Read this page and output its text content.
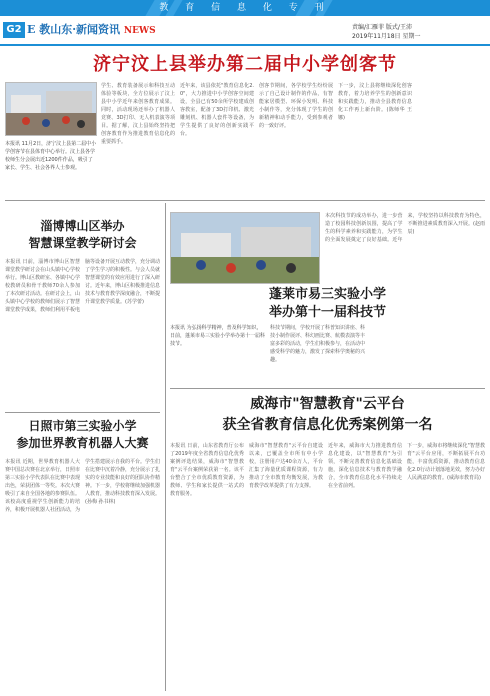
教 育 信 息 化 专 刊
G2 E 教山东·新闻资讯 NEWS	责编/汇雁菲 版式/王沛
2019年11月18日 星期一
济宁汶上县举办第二届中小学创客节
本报讯 11月2日，济宁汶上县第二届中小学创客节在县体育中心举行。汶上县各学校师生分会展出近1200件作品，吸引了家长、学生、社会各界人士参观。
学生、教育装备展示和科技互动体验等板块，全方位展示了汶上县中小学近年来创客教育成果。同时，活动现场还举办了机器人竞赛、3D打印、无人机表演等项目。据了解，汶上县始终坚持把创客教育作为推进教育信息化的重要抓手。
近年来，该县依托"教育信息化2.0"，大力推进中小学创客空间建设，全县已有50余所学校建成创客教室，配备了3D打印机、激光雕刻机、机器人套件等设备，为学生提供了良好的创新实践平台。
创客节期间，各学校学生纷纷展示了自己设计制作的作品，有智能家居模型、环保小发明、科技小制作等，充分体现了学生的创新精神和动手能力，受到参观者的一致好评。
下一步，汶上县将继续深化创客教育，着力培养学生的创新意识和实践能力，推动全县教育信息化工作再上新台阶。(陈师华 王娜)
淄博博山区举办
智慧课堂教学研讨会
本报讯 日前，淄博市博山区智慧课堂教学研讨会在山头镇中心学校举行。博山区教研室、各镇中心学校教研员和骨干教师70余人参加了本次研讨活动。在研讨会上，山头镇中心学校的教师们展示了智慧课堂教学成果，教师们利用平板电脑等设备开展互动教学，充分调动了学生学习的积极性。与会人员就智慧课堂的有效应用进行了深入研讨。近年来，博山区积极推进信息技术与教育教学深度融合，不断提升课堂教学质量。(苏学蕾)
日照市第三实验小学
参加世界教育机器人大赛
本报讯 近期，世界教育机器人大赛中国总决赛在北京举行，日照市第三实验小学代表队在比赛中表现出色，荣获团体一等奖。本次大赛吸引了来自全国各地的参赛队伍。该校高度重视学生创新能力的培养，积极开展机器人社团活动，为学生搭建展示自我的平台。学生们在比赛中沉着冷静，充分展示了扎实的专业技能和良好的团队协作精神。下一步，学校将继续加强机器人教育，推动科技教育深入发展。(孙梅 孙书林)
蓬莱市易三实验小学
举办第十一届科技节
本报讯 为弘扬科学精神，普及科学知识，日前，蓬莱市易三实验小学举办第十一届科技节。
科技节期间，学校开展了科普知识讲座、科技小制作展评、科幻画比赛、航模表演等丰富多彩的活动，学生们积极参与，在活动中感受科学的魅力，激发了探索科学奥秘的兴趣。
本次科技节的成功举办，进一步营造了校园科技创新氛围，提高了学生的科学素养和实践能力，为学生的全面发展奠定了良好基础。近年来，学校坚持以科技教育为特色，不断推进素质教育深入开展。(赵雨辰)
威海市"智慧教育"云平台
获全省教育信息化优秀案例第一名
本报讯 日前，山东省教育厅公布了2019年度全省教育信息化优秀案例评选结果，威海市"智慧教育"云平台案例荣获第一名。该平台整合了全市优质教育资源，为教师、学生和家长提供一站式的教育服务。
威海市"智慧教育"云平台自建设以来，已覆盖全市所有中小学校，注册用户达40余万人，平台汇集了海量优质课程资源，有力推动了全市教育均衡发展，为教育教学改革提供了有力支撑。
近年来，威海市大力推进教育信息化建设，以"智慧教育"为引领，不断完善教育信息化基础设施，深化信息技术与教育教学融合，全市教育信息化水平持续走在全省前列。
下一步，威海市将继续深化"智慧教育"云平台应用，不断拓展平台功能，丰富优质资源，推动教育信息化2.0行动计划落地见效，努力办好人民满意的教育。(威海市教育局)
